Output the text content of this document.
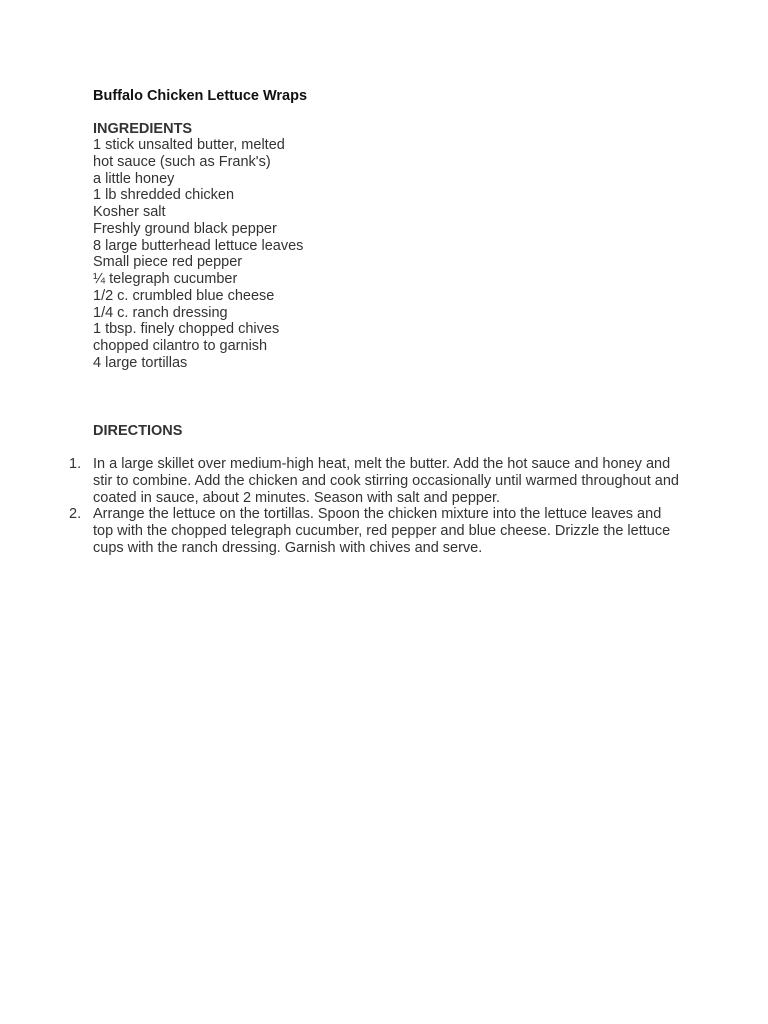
Buffalo Chicken Lettuce Wraps
INGREDIENTS
1 stick unsalted butter, melted
hot sauce (such as Frank's)
a little honey
1 lb shredded chicken
Kosher salt
Freshly ground black pepper
8 large butterhead lettuce leaves
Small piece red pepper
¼ telegraph cucumber
1/2 c. crumbled blue cheese
1/4 c. ranch dressing
1 tbsp. finely chopped chives
chopped cilantro to garnish
4 large tortillas
DIRECTIONS
1. In a large skillet over medium-high heat, melt the butter. Add the hot sauce and honey and stir to combine. Add the chicken and cook stirring occasionally until warmed throughout and coated in sauce, about 2 minutes. Season with salt and pepper.
2. Arrange the lettuce on the tortillas. Spoon the chicken mixture into the lettuce leaves and top with the chopped telegraph cucumber, red pepper and blue cheese. Drizzle the lettuce cups with the ranch dressing. Garnish with chives and serve.
